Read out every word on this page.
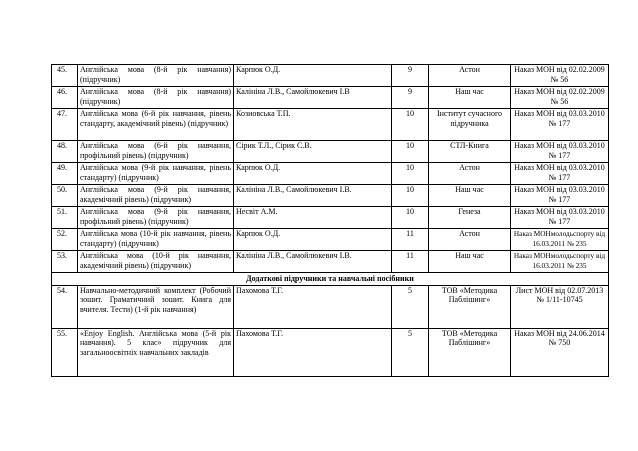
45.	Англійська мова (8-й рік навчання) (підручник)	Карпюк О.Д.	9	Астон	Наказ МОН від 02.02.2009 № 56
46.	Англійська мова (8-й рік навчання) (підручник)	Калініна Л.В., Самойлюкевич І.В	9	Наш час	Наказ МОН від 02.02.2009 № 56
47.	Англійська мова (6-й рік навчання, рівень стандарту, академічний рівень) (підручник)	Козиовська Т.П.	10	Інститут сучасного підручника	Наказ МОН від 03.03.2010 № 177
48.	Англійська мова (6-й рік навчання, профільний рівень) (підручник)	Сірик Т.Л., Сірик С.В.	10	СТЛ-Книга	Наказ МОН від 03.03.2010 № 177
49.	Англійська мова (9-й рік навчання, рівень стандарту) (підручник)	Карпюк О.Д.	10	Астон	Наказ МОН від 03.03.2010 № 177
50.	Англійська мова (9-й рік навчання, академічний рівень) (підручник)	Калініна Л.В., Самойлюкевич І.В.	10	Наш час	Наказ МОН від 03.03.2010 № 177
51.	Англійська мова (9-й рік навчання, профільний рівень) (підручник)	Несвіт А.М.	10	Генеза	Наказ МОН від 03.03.2010 № 177
52.	Англійська мова (10-й рік навчання, рівень стандарту) (підручник)	Карпюк О.Д.	11	Астон	Наказ МОНмолодьспорту від 16.03.2011 № 235
53.	Англійська мова (10-й рік навчання, академічний рівень) (підручник)	Калініна Л.В., Самойлюкевич І.В.	11	Наш час	Наказ МОНмолодьспорту від 16.03.2011 № 235
Додаткові підручники та навчальні посібники					
54.	Навчально-методичний комплект (Робочий зошит. Граматичний зошит. Книга для вчителя. Тести) (1-й рік навчання)	Пахомова Т.Г.	5	ТОВ «Методика Паблішинг»	Лист МОН від 02.07.2013 № 1/11-10745
55.	«Enjoy English. Англійська мова (5-й рік навчання). 5 клас» підручник для загальноосвітніх навчальних закладів	Пахомова Т.Г.	5	ТОВ «Методика Паблішинг»	Наказ МОН від 24.06.2014 № 750
